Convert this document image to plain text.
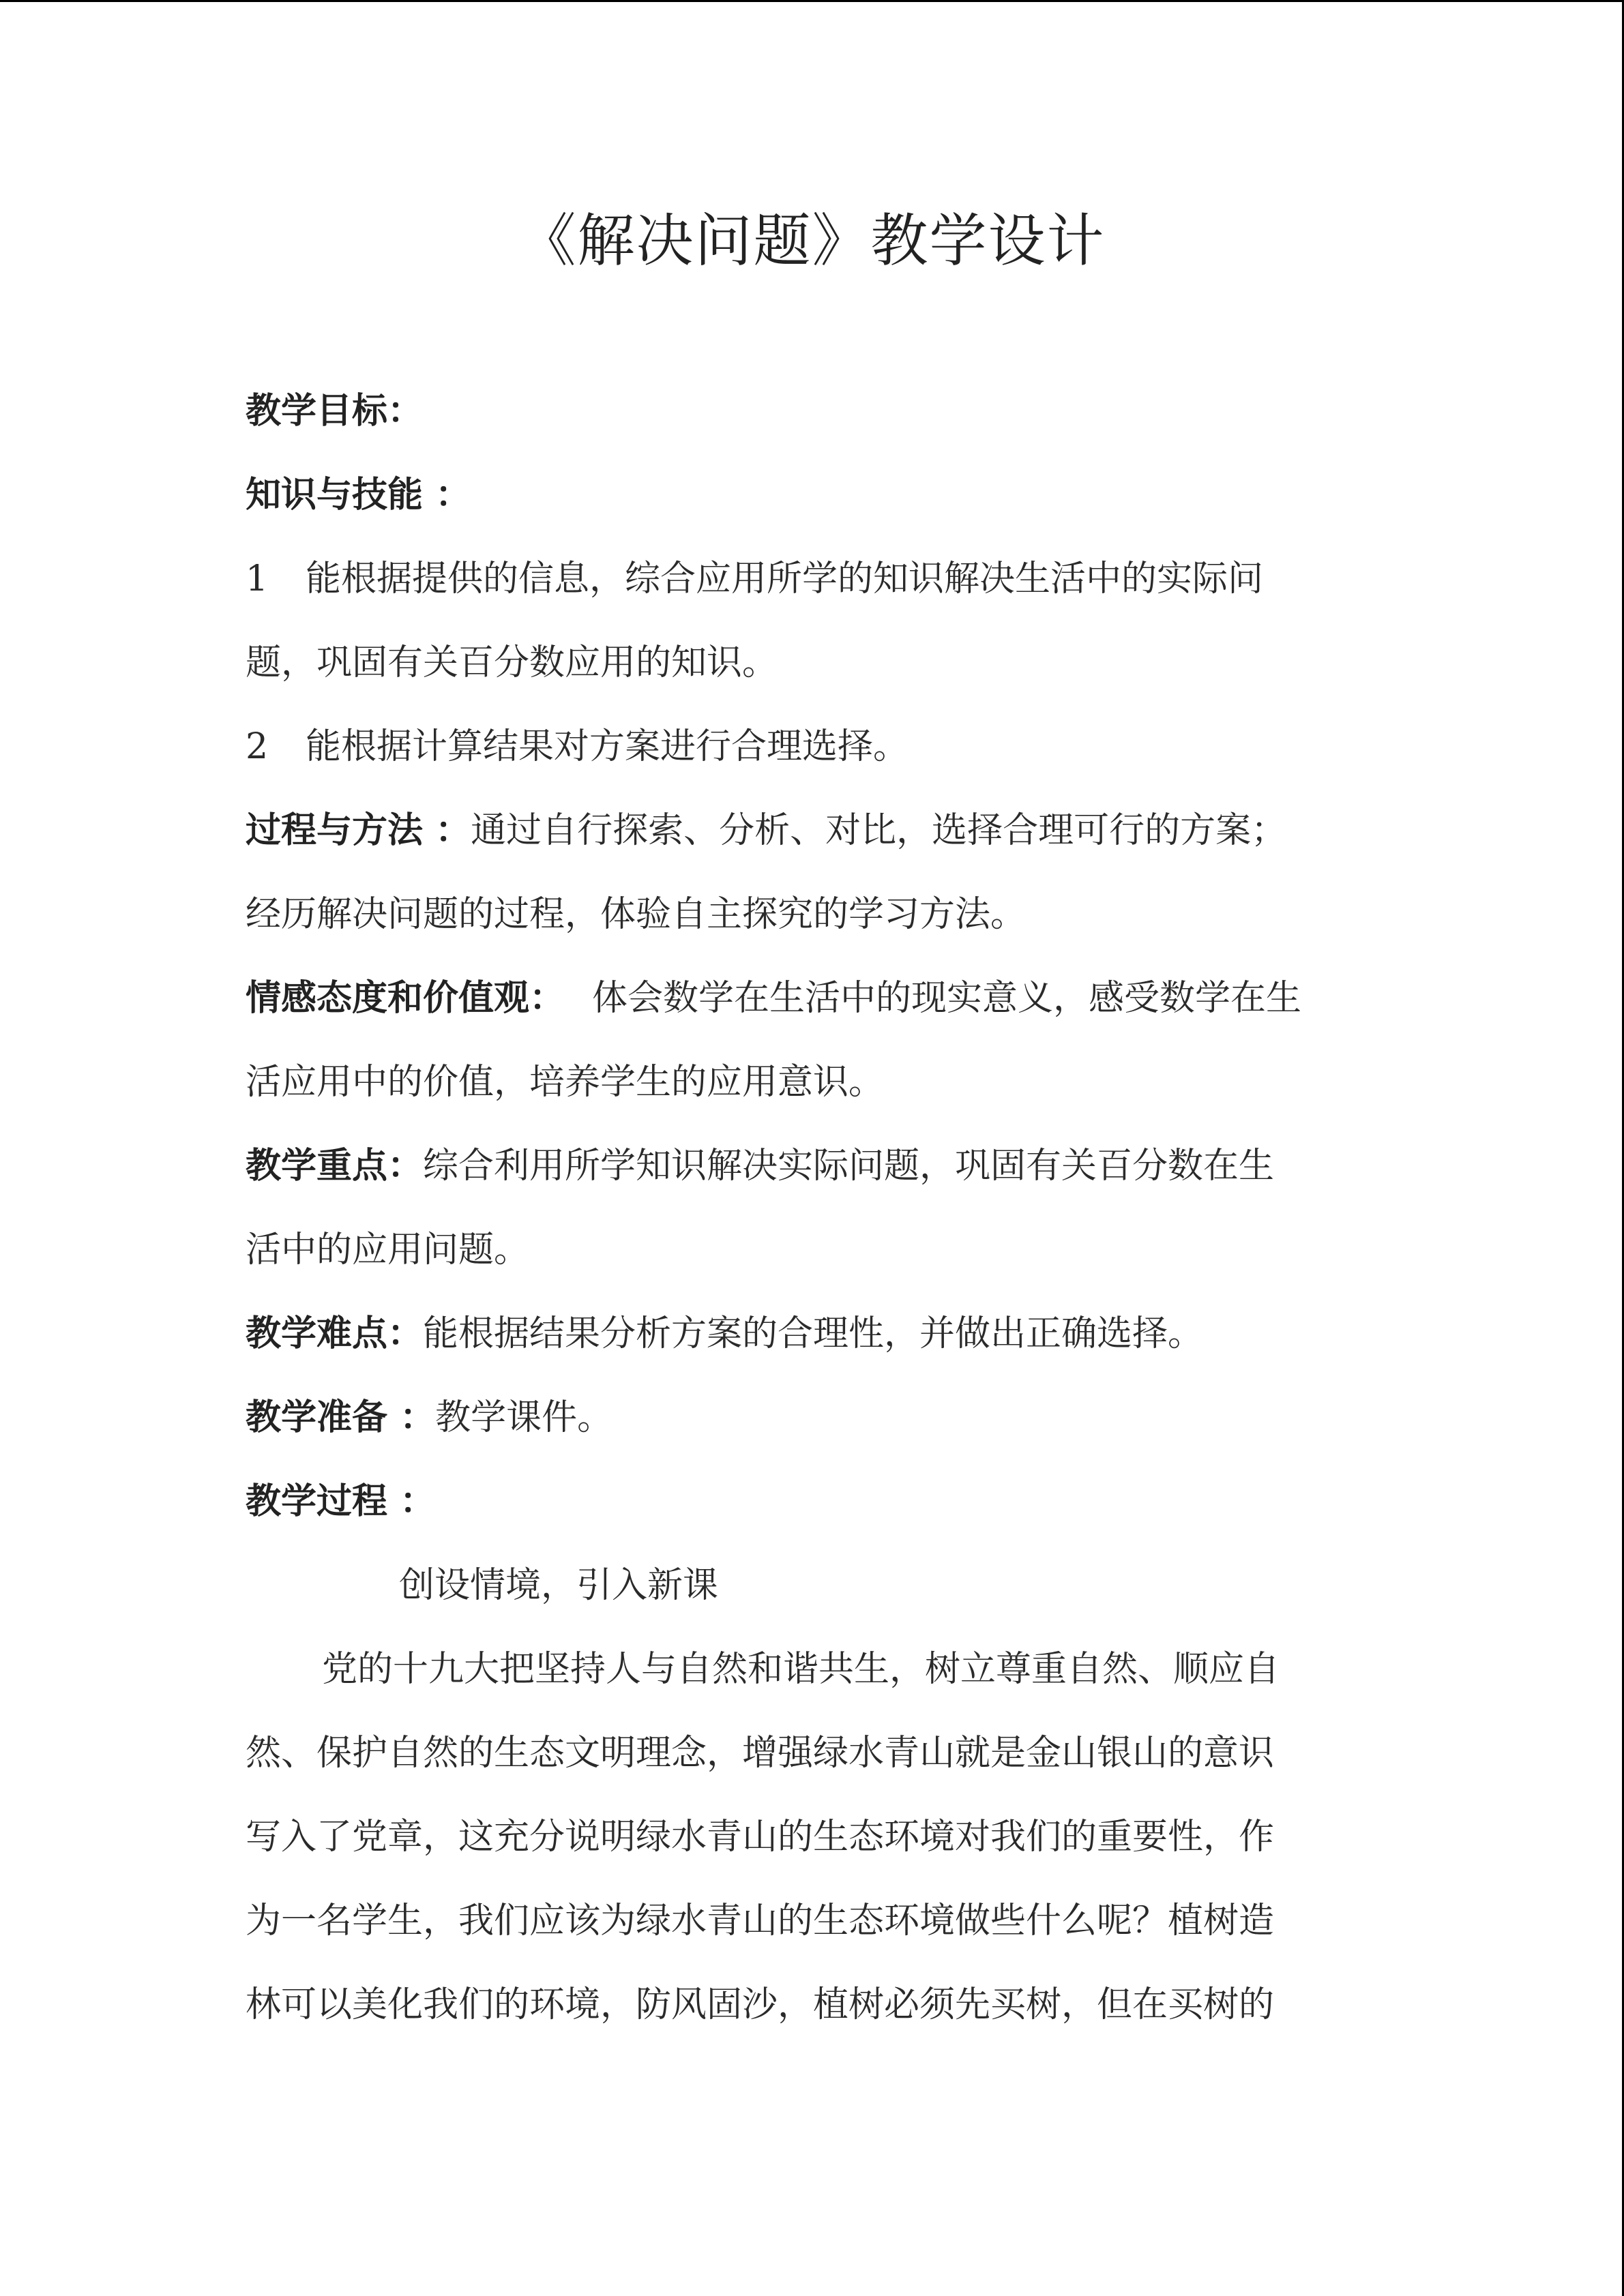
《解决问题》教学设计
教学目标：
知识与技能 ：
1 能根据提供的信息，综合应用所学的知识解决生活中的实际问
题，巩固有关百分数应用的知识。
2 能根据计算结果对方案进行合理选择。
过程与方法 ：通过自行探索、分析、对比，选择合理可行的方案；
经历解决问题的过程，体验自主探究的学习方法。
情感态度和价值观： 体会数学在生活中的现实意义，感受数学在生
活应用中的价值，培养学生的应用意识。
教学重点：综合利用所学知识解决实际问题，巩固有关百分数在生
活中的应用问题。
教学难点：能根据结果分析方案的合理性，并做出正确选择。
教学准备 ：教学课件。
教学过程 ：
创设情境，引入新课
党的十九大把坚持人与自然和谐共生，树立尊重自然、顺应自
然、保护自然的生态文明理念，增强绿水青山就是金山银山的意识
写入了党章，这充分说明绿水青山的生态环境对我们的重要性，作
为一名学生，我们应该为绿水青山的生态环境做些什么呢？植树造
林可以美化我们的环境，防风固沙，植树必须先买树，但在买树的
